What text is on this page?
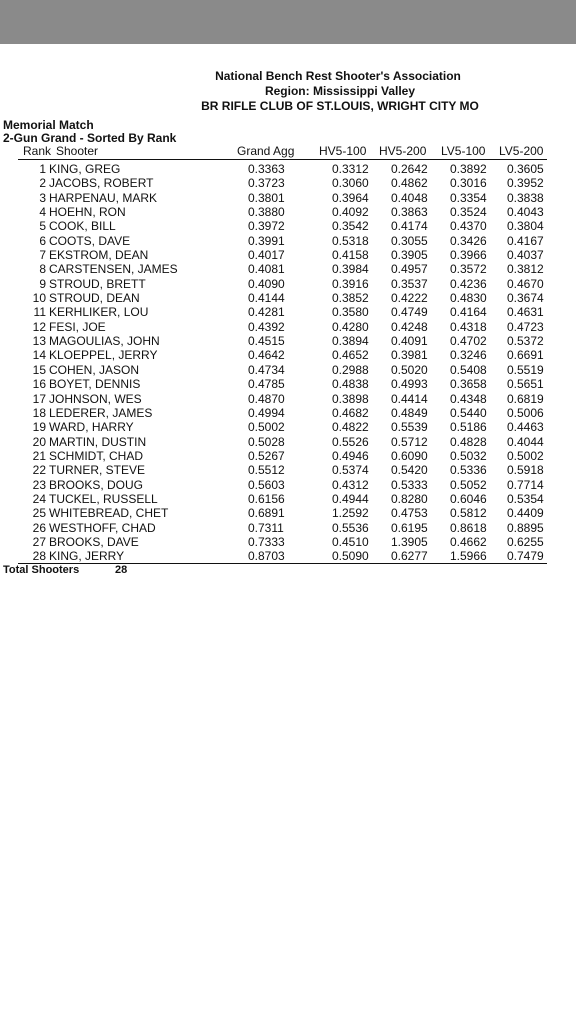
National Bench Rest Shooter's Association
Region: Mississippi Valley
BR RIFLE CLUB OF ST.LOUIS, WRIGHT CITY MO
Memorial Match
2-Gun Grand - Sorted By Rank
Rank Shooter	Grand Agg HV5-100 HV5-200 LV5-100 LV5-200
1 KING, GREG	0.3363	0.3312 0.2642 0.3892 0.3605
2 JACOBS, ROBERT	0.3723	0.3060 0.4862 0.3016 0.3952
3 HARPENAU, MARK	0.3801	0.3964 0.4048 0.3354 0.3838
4 HOEHN, RON	0.3880	0.4092 0.3863 0.3524 0.4043
5 COOK, BILL	0.3972	0.3542 0.4174 0.4370 0.3804
6 COOTS, DAVE	0.3991	0.5318 0.3055 0.3426 0.4167
7 EKSTROM, DEAN	0.4017	0.4158 0.3905 0.3966 0.4037
8 CARSTENSEN, JAMES	0.4081	0.3984 0.4957 0.3572 0.3812
9 STROUD, BRETT	0.4090	0.3916 0.3537 0.4236 0.4670
10 STROUD, DEAN	0.4144	0.3852 0.4222 0.4830 0.3674
11 KERHLIKER, LOU	0.4281	0.3580 0.4749 0.4164 0.4631
12 FESI, JOE	0.4392	0.4280 0.4248 0.4318 0.4723
13 MAGOULIAS, JOHN	0.4515	0.3894 0.4091 0.4702 0.5372
14 KLOEPPEL, JERRY	0.4642	0.4652 0.3981 0.3246 0.6691
15 COHEN, JASON	0.4734	0.2988 0.5020 0.5408 0.5519
16 BOYET, DENNIS	0.4785	0.4838 0.4993 0.3658 0.5651
17 JOHNSON, WES	0.4870	0.3898 0.4414 0.4348 0.6819
18 LEDERER, JAMES	0.4994	0.4682 0.4849 0.5440 0.5006
19 WARD, HARRY	0.5002	0.4822 0.5539 0.5186 0.4463
20 MARTIN, DUSTIN	0.5028	0.5526 0.5712 0.4828 0.4044
21 SCHMIDT, CHAD	0.5267	0.4946 0.6090 0.5032 0.5002
22 TURNER, STEVE	0.5512	0.5374 0.5420 0.5336 0.5918
23 BROOKS, DOUG	0.5603	0.4312 0.5333 0.5052 0.7714
24 TUCKEL, RUSSELL	0.6156	0.4944 0.8280 0.6046 0.5354
25 WHITEBREAD, CHET	0.6891	1.2592 0.4753 0.5812 0.4409
26 WESTHOFF, CHAD	0.7311	0.5536 0.6195 0.8618 0.8895
27 BROOKS, DAVE	0.7333	0.4510 1.3905 0.4662 0.6255
28 KING, JERRY	0.8703	0.5090 0.6277 1.5966 0.7479
Total Shooters	28
